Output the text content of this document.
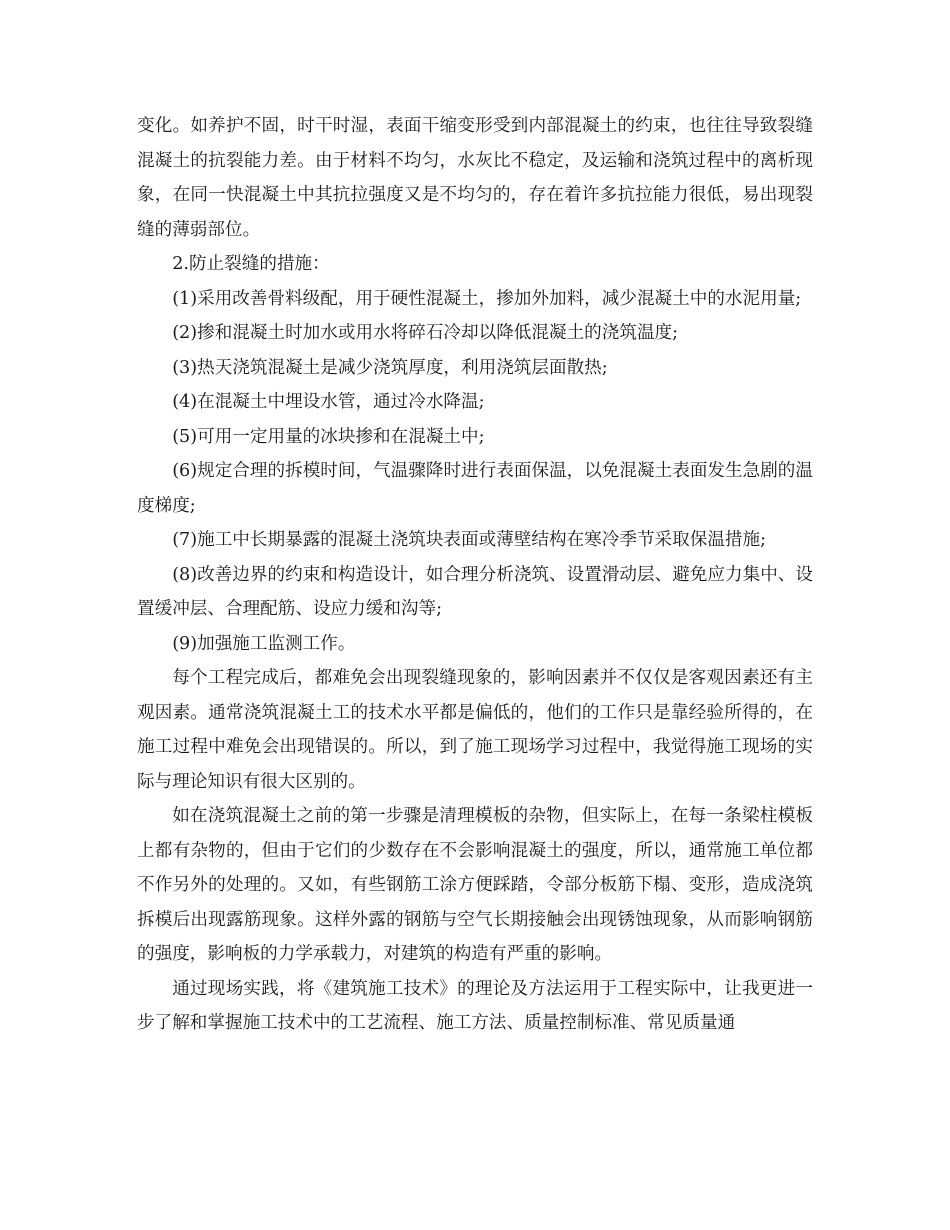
变化。如养护不固，时干时湿，表面干缩变形受到内部混凝土的约束，也往往导致裂缝混凝土的抗裂能力差。由于材料不均匀，水灰比不稳定，及运输和浇筑过程中的离析现象，在同一快混凝土中其抗拉强度又是不均匀的，存在着许多抗拉能力很低，易出现裂缝的薄弱部位。

2.防止裂缝的措施：

(1)采用改善骨料级配，用于硬性混凝土，掺加外加料，减少混凝土中的水泥用量;

(2)掺和混凝土时加水或用水将碎石冷却以降低混凝土的浇筑温度;

(3)热天浇筑混凝土是减少浇筑厚度，利用浇筑层面散热;

(4)在混凝土中埋设水管，通过冷水降温;

(5)可用一定用量的冰块掺和在混凝土中;

(6)规定合理的拆模时间，气温骤降时进行表面保温，以免混凝土表面发生急剧的温度梯度;

(7)施工中长期暴露的混凝土浇筑块表面或薄壁结构在寒冷季节采取保温措施;

(8)改善边界的约束和构造设计，如合理分析浇筑、设置滑动层、避免应力集中、设置缓冲层、合理配筋、设应力缓和沟等;

(9)加强施工监测工作。

每个工程完成后，都难免会出现裂缝现象的，影响因素并不仅仅是客观因素还有主观因素。通常浇筑混凝土工的技术水平都是偏低的，他们的工作只是靠经验所得的，在施工过程中难免会出现错误的。所以，到了施工现场学习过程中，我觉得施工现场的实际与理论知识有很大区别的。

如在浇筑混凝土之前的第一步骤是清理模板的杂物，但实际上，在每一条梁柱模板上都有杂物的，但由于它们的少数存在不会影响混凝土的强度，所以，通常施工单位都不作另外的处理的。又如，有些钢筋工涂方便踩踏，令部分板筋下榻、变形，造成浇筑拆模后出现露筋现象。这样外露的钢筋与空气长期接触会出现锈蚀现象，从而影响钢筋的强度，影响板的力学承载力，对建筑的构造有严重的影响。

通过现场实践，将《建筑施工技术》的理论及方法运用于工程实际中，让我更进一步了解和掌握施工技术中的工艺流程、施工方法、质量控制标准、常见质量通
